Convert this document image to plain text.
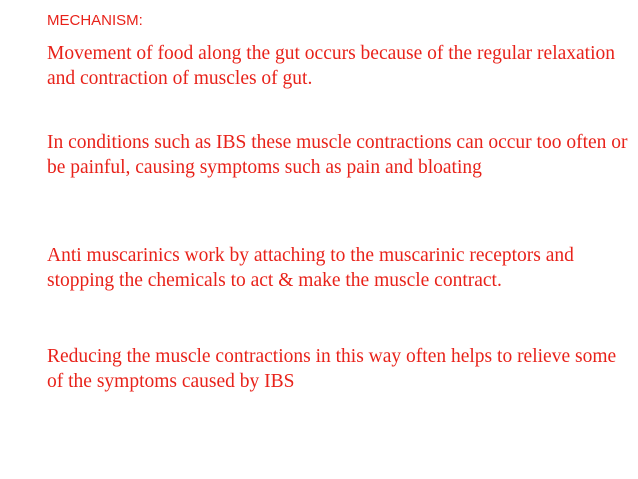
MECHANISM:

Movement of food along the gut occurs because of the regular relaxation and contraction of muscles of gut.

In conditions such as IBS these muscle contractions can occur too often or be painful, causing symptoms such as pain and bloating

Anti muscarinics work by attaching to the muscarinic receptors and stopping the chemicals to act & make the muscle contract.

Reducing the muscle contractions in this way often helps to relieve some of the symptoms caused by IBS
